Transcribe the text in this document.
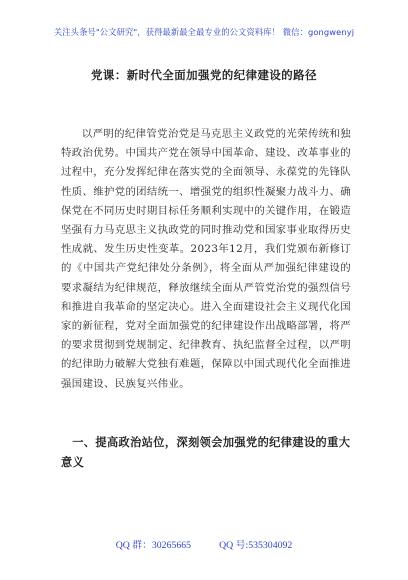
关注头条号"公文研究"，获得最新最全最专业的公文资料库！ 微信：gongwenyj
党课：新时代全面加强党的纪律建设的路径

以严明的纪律管党治党是马克思主义政党的光荣传统和独特政治优势。中国共产党在领导中国革命、建设、改革事业的过程中，充分发挥纪律在落实党的全面领导、永葆党的先锋队性质、维护党的团结统一、增强党的组织性凝聚力战斗力、确保党在不同历史时期目标任务顺利实现中的关键作用，在锻造坚强有力马克思主义执政党的同时推动党和国家事业取得历史性成就、发生历史性变革。2023年12月，我们党颁布新修订的《中国共产党纪律处分条例》，将全面从严加强纪律建设的要求凝结为纪律规范，释放继续全面从严管党治党的强烈信号和推进自我革命的坚定决心。进入全面建设社会主义现代化国家的新征程，党对全面加强党的纪律建设作出战略部署，将严的要求贯彻到党规制定、纪律教育、执纪监督全过程，以严明的纪律助力破解大党独有难题，保障以中国式现代化全面推进强国建设、民族复兴伟业。

一、提高政治站位，深刻领会加强党的纪律建设的重大意义

QQ 群：30265665	QQ 号:535304092
